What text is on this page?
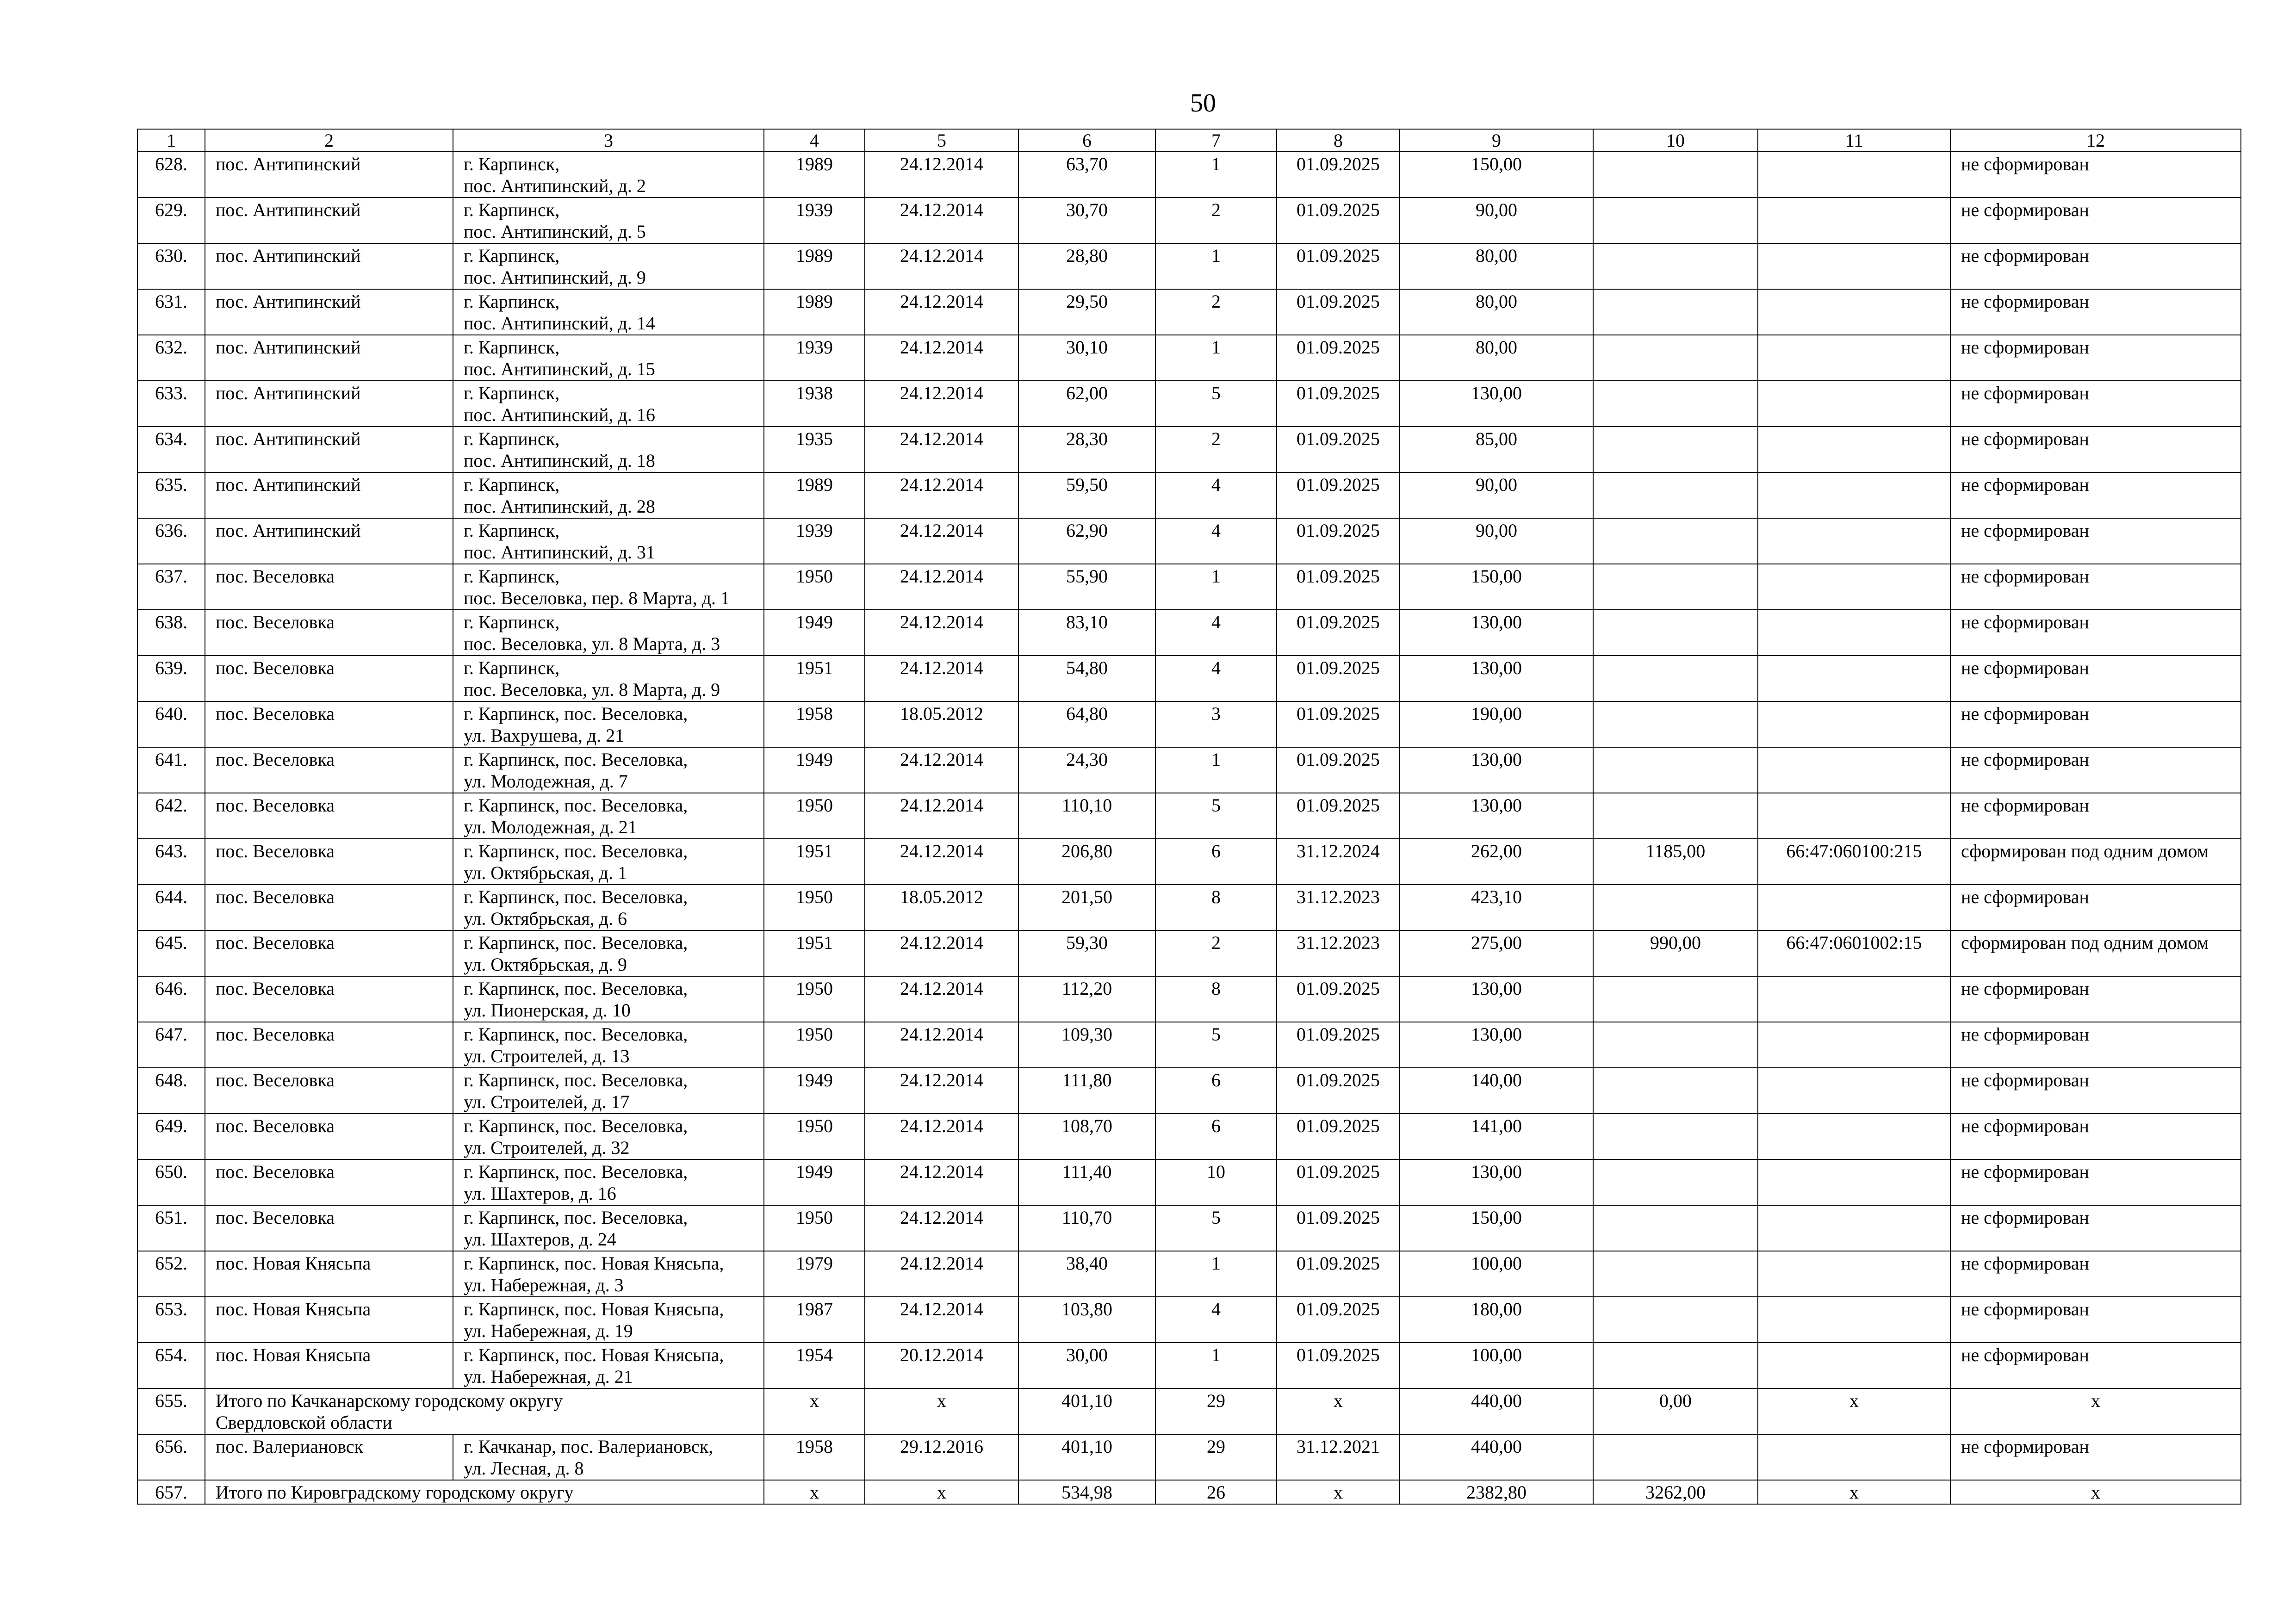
50
1	2	3	4	5	6	7	8	9	10	11	12
628.	пос. Антипинский	г. Карпинск,
пос. Антипинский, д. 2	1989	24.12.2014	63,70	1	01.09.2025	150,00			не сформирован
629.	пос. Антипинский	г. Карпинск,
пос. Антипинский, д. 5	1939	24.12.2014	30,70	2	01.09.2025	90,00			не сформирован
630.	пос. Антипинский	г. Карпинск,
пос. Антипинский, д. 9	1989	24.12.2014	28,80	1	01.09.2025	80,00			не сформирован
631.	пос. Антипинский	г. Карпинск,
пос. Антипинский, д. 14	1989	24.12.2014	29,50	2	01.09.2025	80,00			не сформирован
632.	пос. Антипинский	г. Карпинск,
пос. Антипинский, д. 15	1939	24.12.2014	30,10	1	01.09.2025	80,00			не сформирован
633.	пос. Антипинский	г. Карпинск,
пос. Антипинский, д. 16	1938	24.12.2014	62,00	5	01.09.2025	130,00			не сформирован
634.	пос. Антипинский	г. Карпинск,
пос. Антипинский, д. 18	1935	24.12.2014	28,30	2	01.09.2025	85,00			не сформирован
635.	пос. Антипинский	г. Карпинск,
пос. Антипинский, д. 28	1989	24.12.2014	59,50	4	01.09.2025	90,00			не сформирован
636.	пос. Антипинский	г. Карпинск,
пос. Антипинский, д. 31	1939	24.12.2014	62,90	4	01.09.2025	90,00			не сформирован
637.	пос. Веселовка	г. Карпинск,
пос. Веселовка, пер. 8 Марта, д. 1	1950	24.12.2014	55,90	1	01.09.2025	150,00			не сформирован
638.	пос. Веселовка	г. Карпинск,
пос. Веселовка, ул. 8 Марта, д. 3	1949	24.12.2014	83,10	4	01.09.2025	130,00			не сформирован
639.	пос. Веселовка	г. Карпинск,
пос. Веселовка, ул. 8 Марта, д. 9	1951	24.12.2014	54,80	4	01.09.2025	130,00			не сформирован
640.	пос. Веселовка	г. Карпинск, пос. Веселовка,
ул. Вахрушева, д. 21	1958	18.05.2012	64,80	3	01.09.2025	190,00			не сформирован
641.	пос. Веселовка	г. Карпинск, пос. Веселовка,
ул. Молодежная, д. 7	1949	24.12.2014	24,30	1	01.09.2025	130,00			не сформирован
642.	пос. Веселовка	г. Карпинск, пос. Веселовка,
ул. Молодежная, д. 21	1950	24.12.2014	110,10	5	01.09.2025	130,00			не сформирован
643.	пос. Веселовка	г. Карпинск, пос. Веселовка,
ул. Октябрьская, д. 1	1951	24.12.2014	206,80	6	31.12.2024	262,00	1185,00	66:47:060100:215	сформирован под одним домом
644.	пос. Веселовка	г. Карпинск, пос. Веселовка,
ул. Октябрьская, д. 6	1950	18.05.2012	201,50	8	31.12.2023	423,10			не сформирован
645.	пос. Веселовка	г. Карпинск, пос. Веселовка,
ул. Октябрьская, д. 9	1951	24.12.2014	59,30	2	31.12.2023	275,00	990,00	66:47:0601002:15	сформирован под одним домом
646.	пос. Веселовка	г. Карпинск, пос. Веселовка,
ул. Пионерская, д. 10	1950	24.12.2014	112,20	8	01.09.2025	130,00			не сформирован
647.	пос. Веселовка	г. Карпинск, пос. Веселовка,
ул. Строителей, д. 13	1950	24.12.2014	109,30	5	01.09.2025	130,00			не сформирован
648.	пос. Веселовка	г. Карпинск, пос. Веселовка,
ул. Строителей, д. 17	1949	24.12.2014	111,80	6	01.09.2025	140,00			не сформирован
649.	пос. Веселовка	г. Карпинск, пос. Веселовка,
ул. Строителей, д. 32	1950	24.12.2014	108,70	6	01.09.2025	141,00			не сформирован
650.	пос. Веселовка	г. Карпинск, пос. Веселовка,
ул. Шахтеров, д. 16	1949	24.12.2014	111,40	10	01.09.2025	130,00			не сформирован
651.	пос. Веселовка	г. Карпинск, пос. Веселовка,
ул. Шахтеров, д. 24	1950	24.12.2014	110,70	5	01.09.2025	150,00			не сформирован
652.	пос. Новая Княсьпа	г. Карпинск, пос. Новая Княсьпа,
ул. Набережная, д. 3	1979	24.12.2014	38,40	1	01.09.2025	100,00			не сформирован
653.	пос. Новая Княсьпа	г. Карпинск, пос. Новая Княсьпа,
ул. Набережная, д. 19	1987	24.12.2014	103,80	4	01.09.2025	180,00			не сформирован
654.	пос. Новая Княсьпа	г. Карпинск, пос. Новая Княсьпа,
ул. Набережная, д. 21	1954	20.12.2014	30,00	1	01.09.2025	100,00			не сформирован
655.	Итого по Качканарскому городскому округу
Свердловской области		х	х	401,10	29	х	440,00	0,00	х	х
656.	пос. Валериановск	г. Качканар, пос. Валериановск,
ул. Лесная, д. 8	1958	29.12.2016	401,10	29	31.12.2021	440,00			не сформирован
657.	Итого по Кировградскому городскому округу		х	х	534,98	26	х	2382,80	3262,00	х	х
